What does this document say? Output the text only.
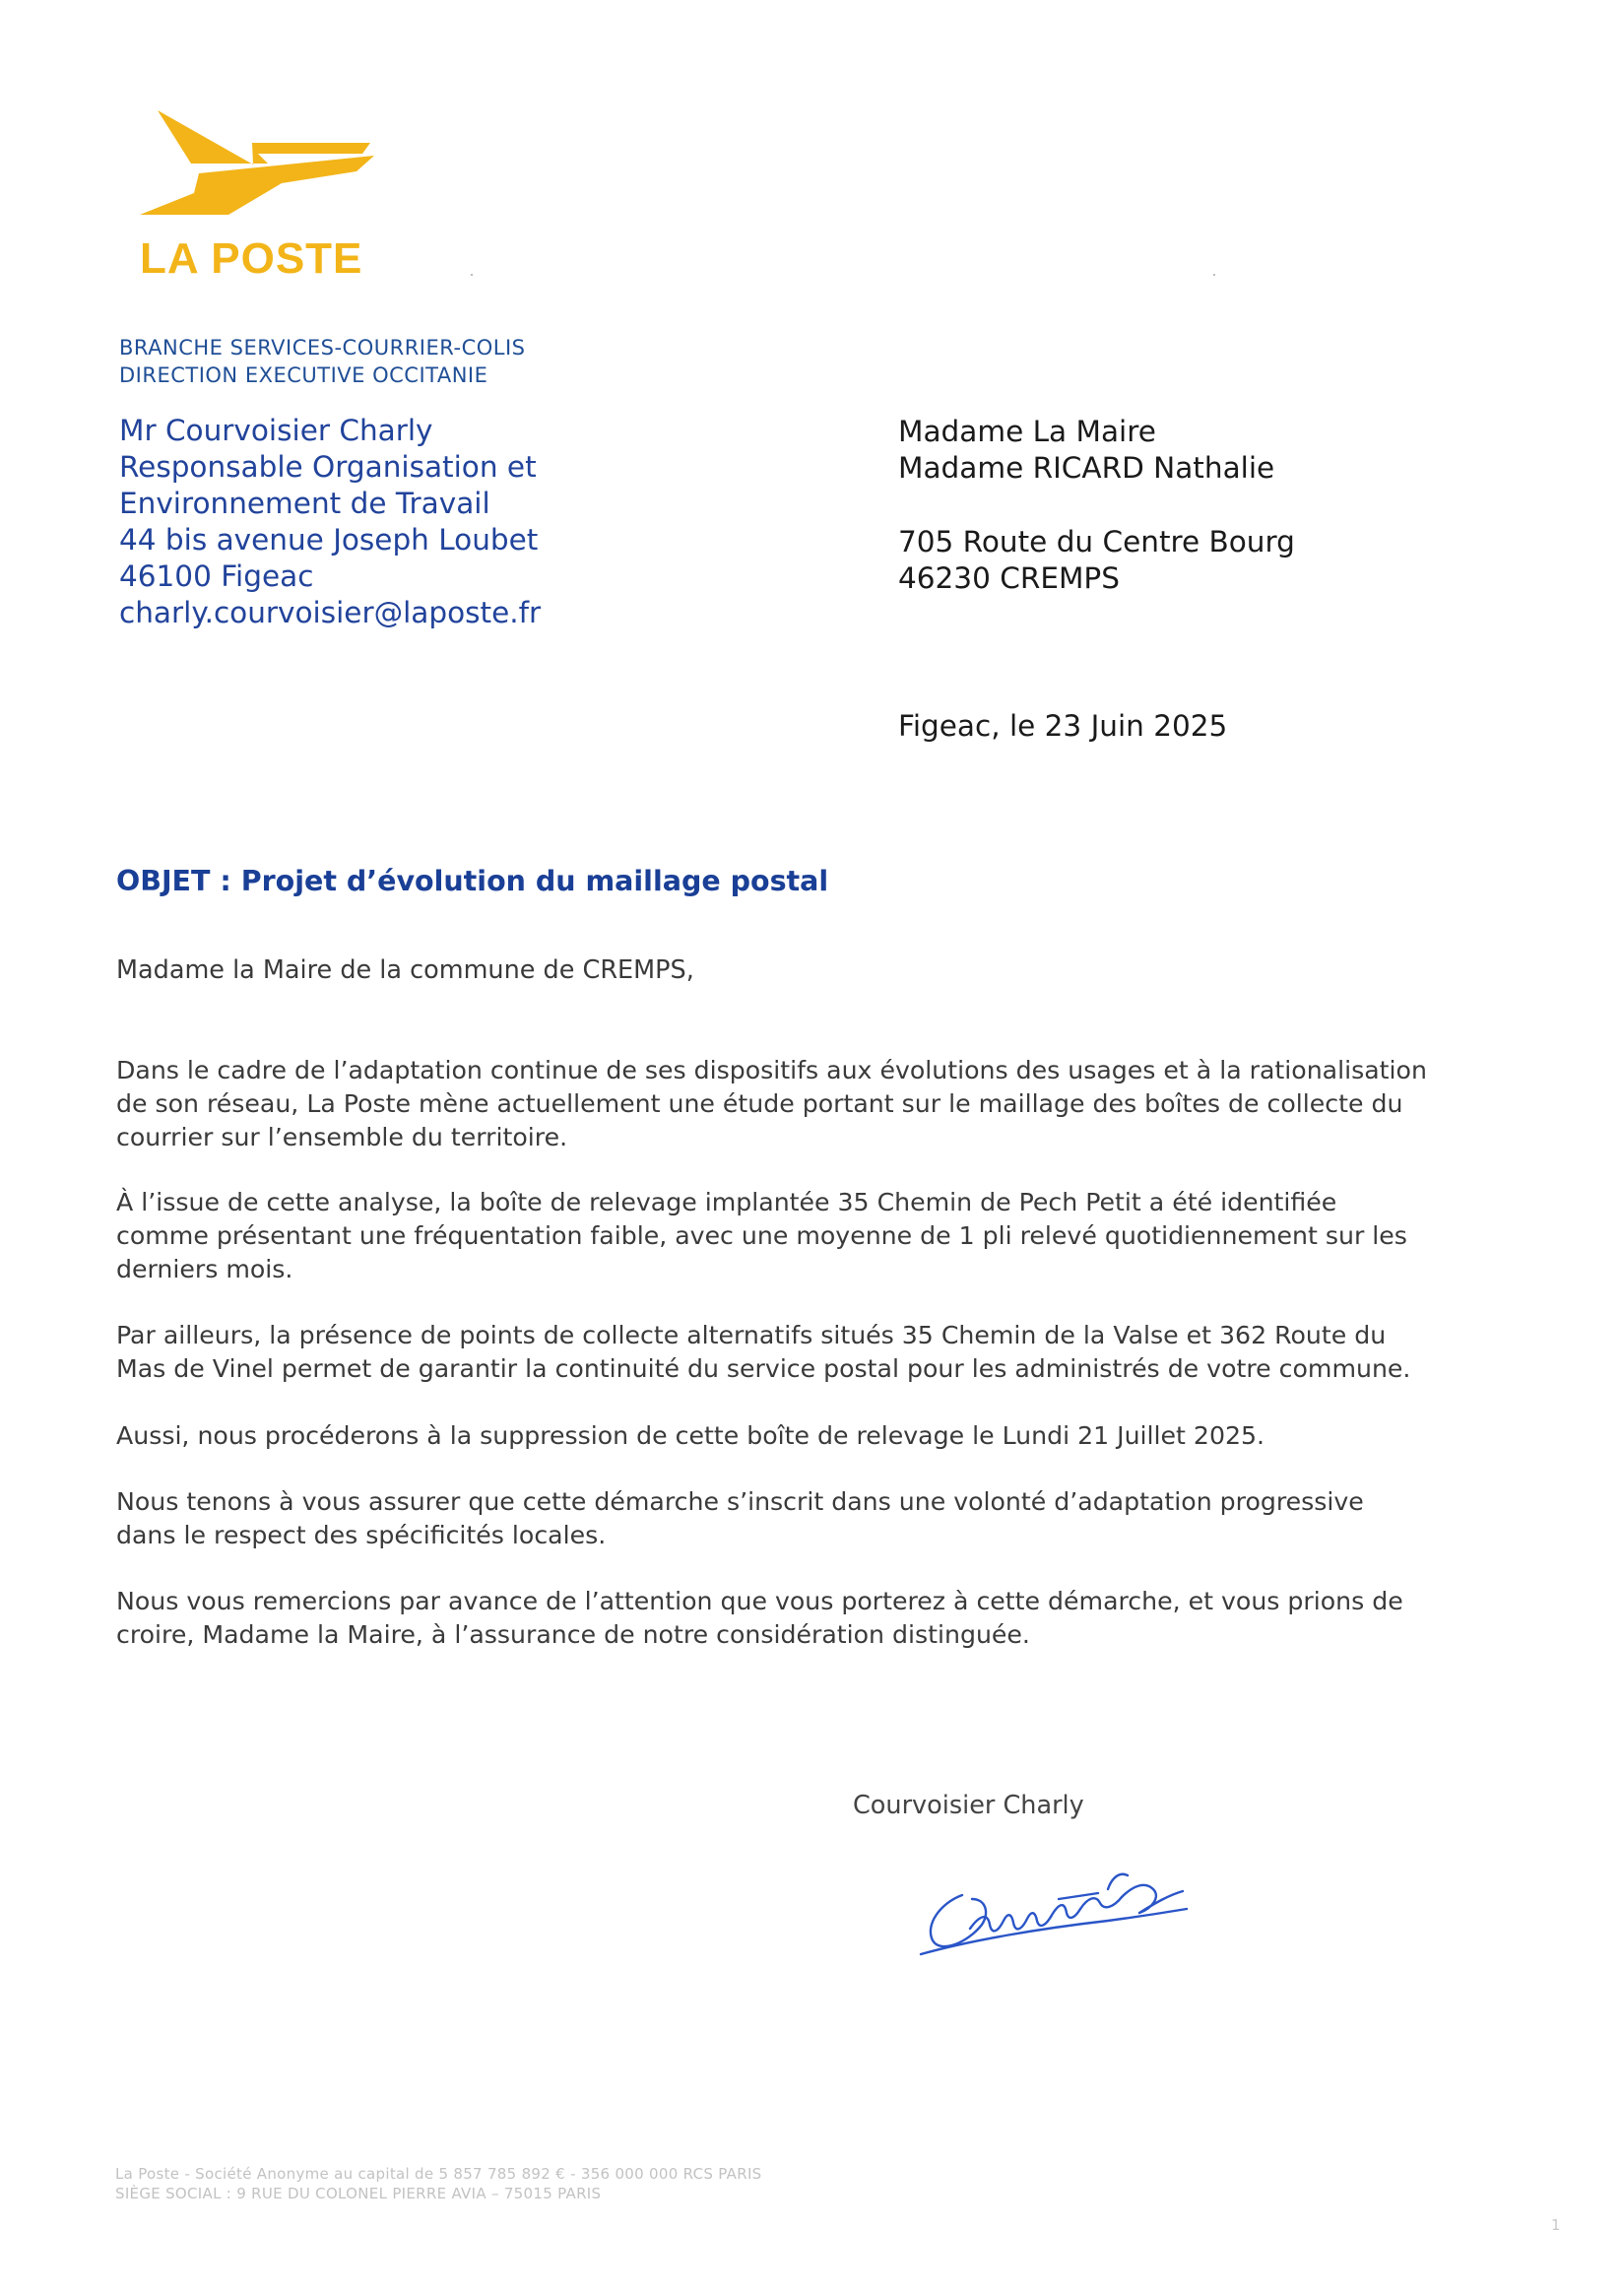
LA POSTE
BRANCHE SERVICES-COURRIER-COLIS
DIRECTION EXECUTIVE OCCITANIE
Mr Courvoisier Charly
Responsable Organisation et
Environnement de Travail
44 bis avenue Joseph Loubet
46100 Figeac
charly.courvoisier@laposte.fr
Madame La Maire
Madame RICARD Nathalie
705 Route du Centre Bourg
46230 CREMPS
Figeac, le 23 Juin 2025
OBJET : Projet d’évolution du maillage postal
Madame la Maire de la commune de CREMPS,
Dans le cadre de l’adaptation continue de ses dispositifs aux évolutions des usages et à la rationalisation
de son réseau, La Poste mène actuellement une étude portant sur le maillage des boîtes de collecte du
courrier sur l’ensemble du territoire.
À l’issue de cette analyse, la boîte de relevage implantée 35 Chemin de Pech Petit a été identifiée
comme présentant une fréquentation faible, avec une moyenne de 1 pli relevé quotidiennement sur les
derniers mois.
Par ailleurs, la présence de points de collecte alternatifs situés 35 Chemin de la Valse et 362 Route du
Mas de Vinel permet de garantir la continuité du service postal pour les administrés de votre commune.
Aussi, nous procéderons à la suppression de cette boîte de relevage le Lundi 21 Juillet 2025.
Nous tenons à vous assurer que cette démarche s’inscrit dans une volonté d’adaptation progressive
dans le respect des spécificités locales.
Nous vous remercions par avance de l’attention que vous porterez à cette démarche, et vous prions de
croire, Madame la Maire, à l’assurance de notre considération distinguée.
Courvoisier Charly
La Poste - Société Anonyme au capital de 5 857 785 892 € - 356 000 000 RCS PARIS
SIÈGE SOCIAL : 9 RUE DU COLONEL PIERRE AVIA – 75015 PARIS
1
